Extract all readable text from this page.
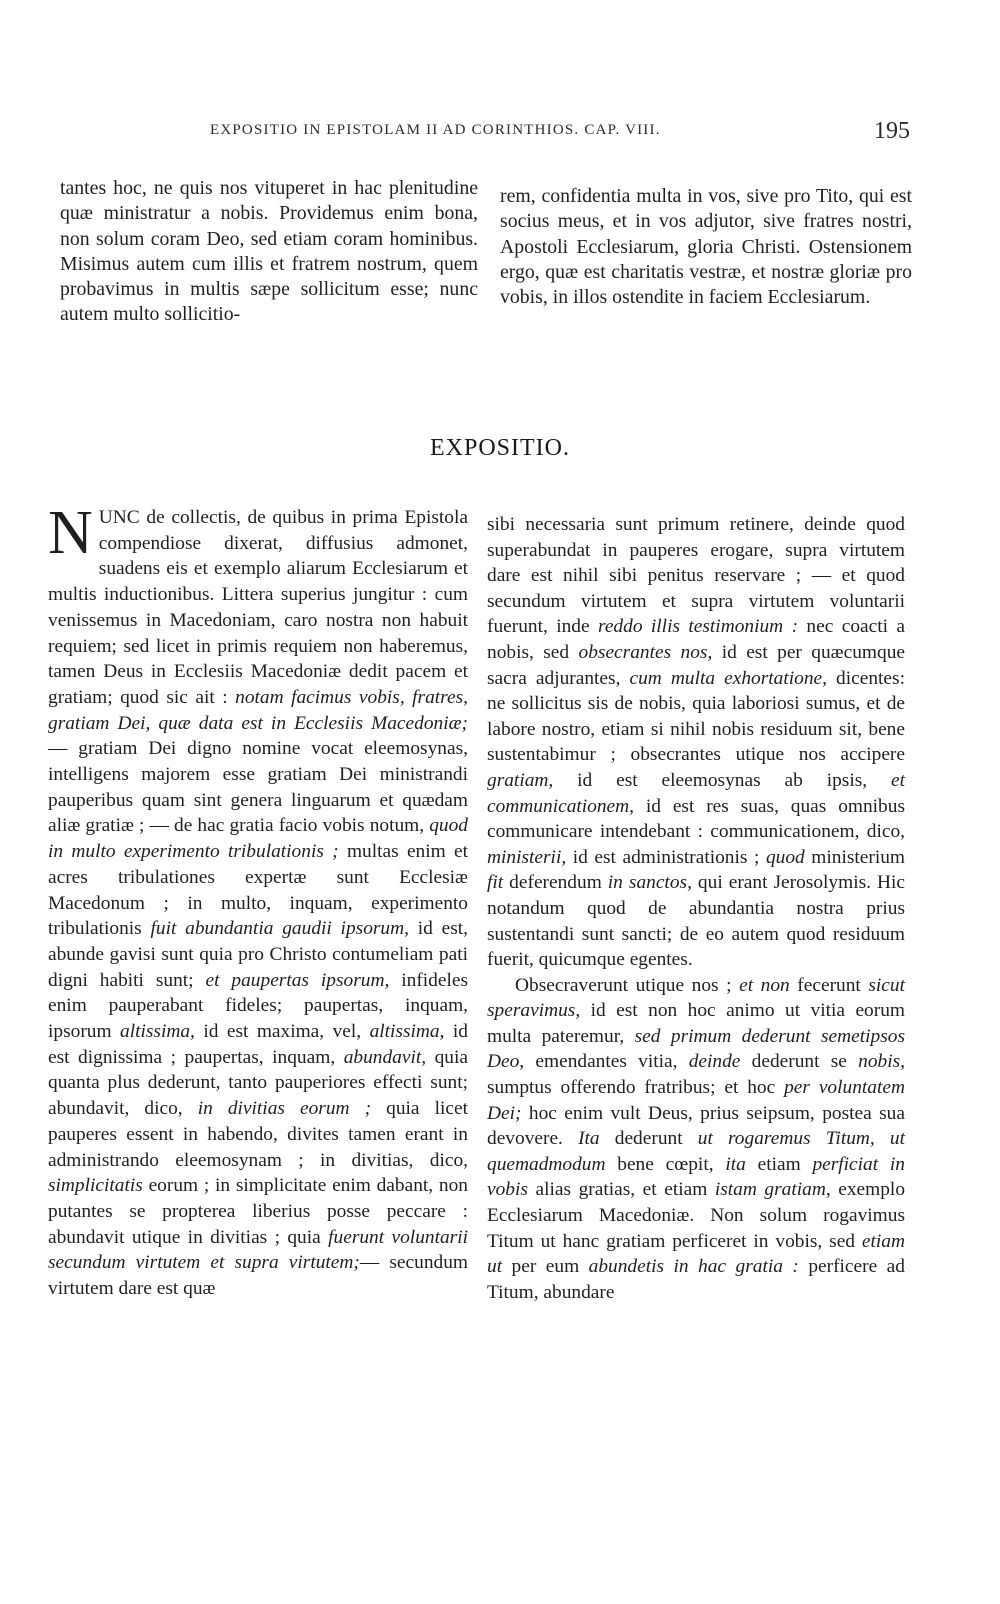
EXPOSITIO IN EPISTOLAM II AD CORINTHIOS. CAP. VIII.	195

tantes hoc, ne quis nos vituperet in hac plenitudine quæ ministratur a nobis. Providemus enim bona, non solum coram Deo, sed etiam coram hominibus. Misimus autem cum illis et fratrem nostrum, quem probavimus in multis sæpe sollicitum esse; nunc autem multo sollicitio-

rem, confidentia multa in vos, sive pro Tito, qui est socius meus, et in vos adjutor, sive fratres nostri, Apostoli Ecclesiarum, gloria Christi. Ostensionem ergo, quæ est charitatis vestræ, et nostræ gloriæ pro vobis, in illos ostendite in faciem Ecclesiarum.

EXPOSITIO.

NUNC de collectis, de quibus in prima Epistola compendiose dixerat, diffusius admonet, suadens eis et exemplo aliarum Ecclesiarum et multis inductionibus. Littera superius jungitur : cum venissemus in Macedoniam, caro nostra non habuit requiem; sed licet in primis requiem non haberemus, tamen Deus in Ecclesiis Macedoniæ dedit pacem et gratiam; quod sic ait : notam facimus vobis, fratres, gratiam Dei, quæ data est in Ecclesiis Macedoniæ; — gratiam Dei digno nomine vocat eleemosynas, intelligens majorem esse gratiam Dei ministrandi pauperibus quam sint genera linguarum et quædam aliæ gratiæ ; — de hac gratia facio vobis notum, quod in multo experimento tribulationis ; multas enim et acres tribulationes expertæ sunt Ecclesiæ Macedonum ; in multo, inquam, experimento tribulationis fuit abundantia gaudii ipsorum, id est, abunde gavisi sunt quia pro Christo contumeliam pati digni habiti sunt; et paupertas ipsorum, infideles enim pauperabant fideles; paupertas, inquam, ipsorum altissima, id est maxima, vel, altissima, id est dignissima ; paupertas, inquam, abundavit, quia quanta plus dederunt, tanto pauperiores effecti sunt; abundavit, dico, in divitias eorum ; quia licet pauperes essent in habendo, divites tamen erant in administrando eleemosynam ; in divitias, dico, simplicitatis eorum ; in simplicitate enim dabant, non putantes se propterea liberius posse peccare : abundavit utique in divitias ; quia fuerunt voluntarii secundum virtutem et supra virtutem;— secundum virtutem dare est quæ

sibi necessaria sunt primum retinere, deinde quod superabundat in pauperes erogare, supra virtutem dare est nihil sibi penitus reservare ; — et quod secundum virtutem et supra virtutem voluntarii fuerunt, inde reddo illis testimonium : nec coacti a nobis, sed obsecrantes nos, id est per quæcumque sacra adjurantes, cum multa exhortatione, dicentes: ne sollicitus sis de nobis, quia laboriosi sumus, et de labore nostro, etiam si nihil nobis residuum sit, bene sustentabimur ; obsecrantes utique nos accipere gratiam, id est eleemosynas ab ipsis, et communicationem, id est res suas, quas omnibus communicare intendebant : communicationem, dico, ministerii, id est administrationis ; quod ministerium fit deferendum in sanctos, qui erant Jerosolymis. Hic notandum quod de abundantia nostra prius sustentandi sunt sancti; de eo autem quod residuum fuerit, quicumque egentes.

Obsecraverunt utique nos ; et non fecerunt sicut speravimus, id est non hoc animo ut vitia eorum multa pateremur, sed primum dederunt semetipsos Deo, emendantes vitia, deinde dederunt se nobis, sumptus offerendo fratribus; et hoc per voluntatem Dei; hoc enim vult Deus, prius seipsum, postea sua devovere. Ita dederunt ut rogaremus Titum, ut quemadmodum bene cœpit, ita etiam perficiat in vobis alias gratias, et etiam istam gratiam, exemplo Ecclesiarum Macedoniæ. Non solum rogavimus Titum ut hanc gratiam perficeret in vobis, sed etiam ut per eum abundetis in hac gratia : perficere ad Titum, abundare
